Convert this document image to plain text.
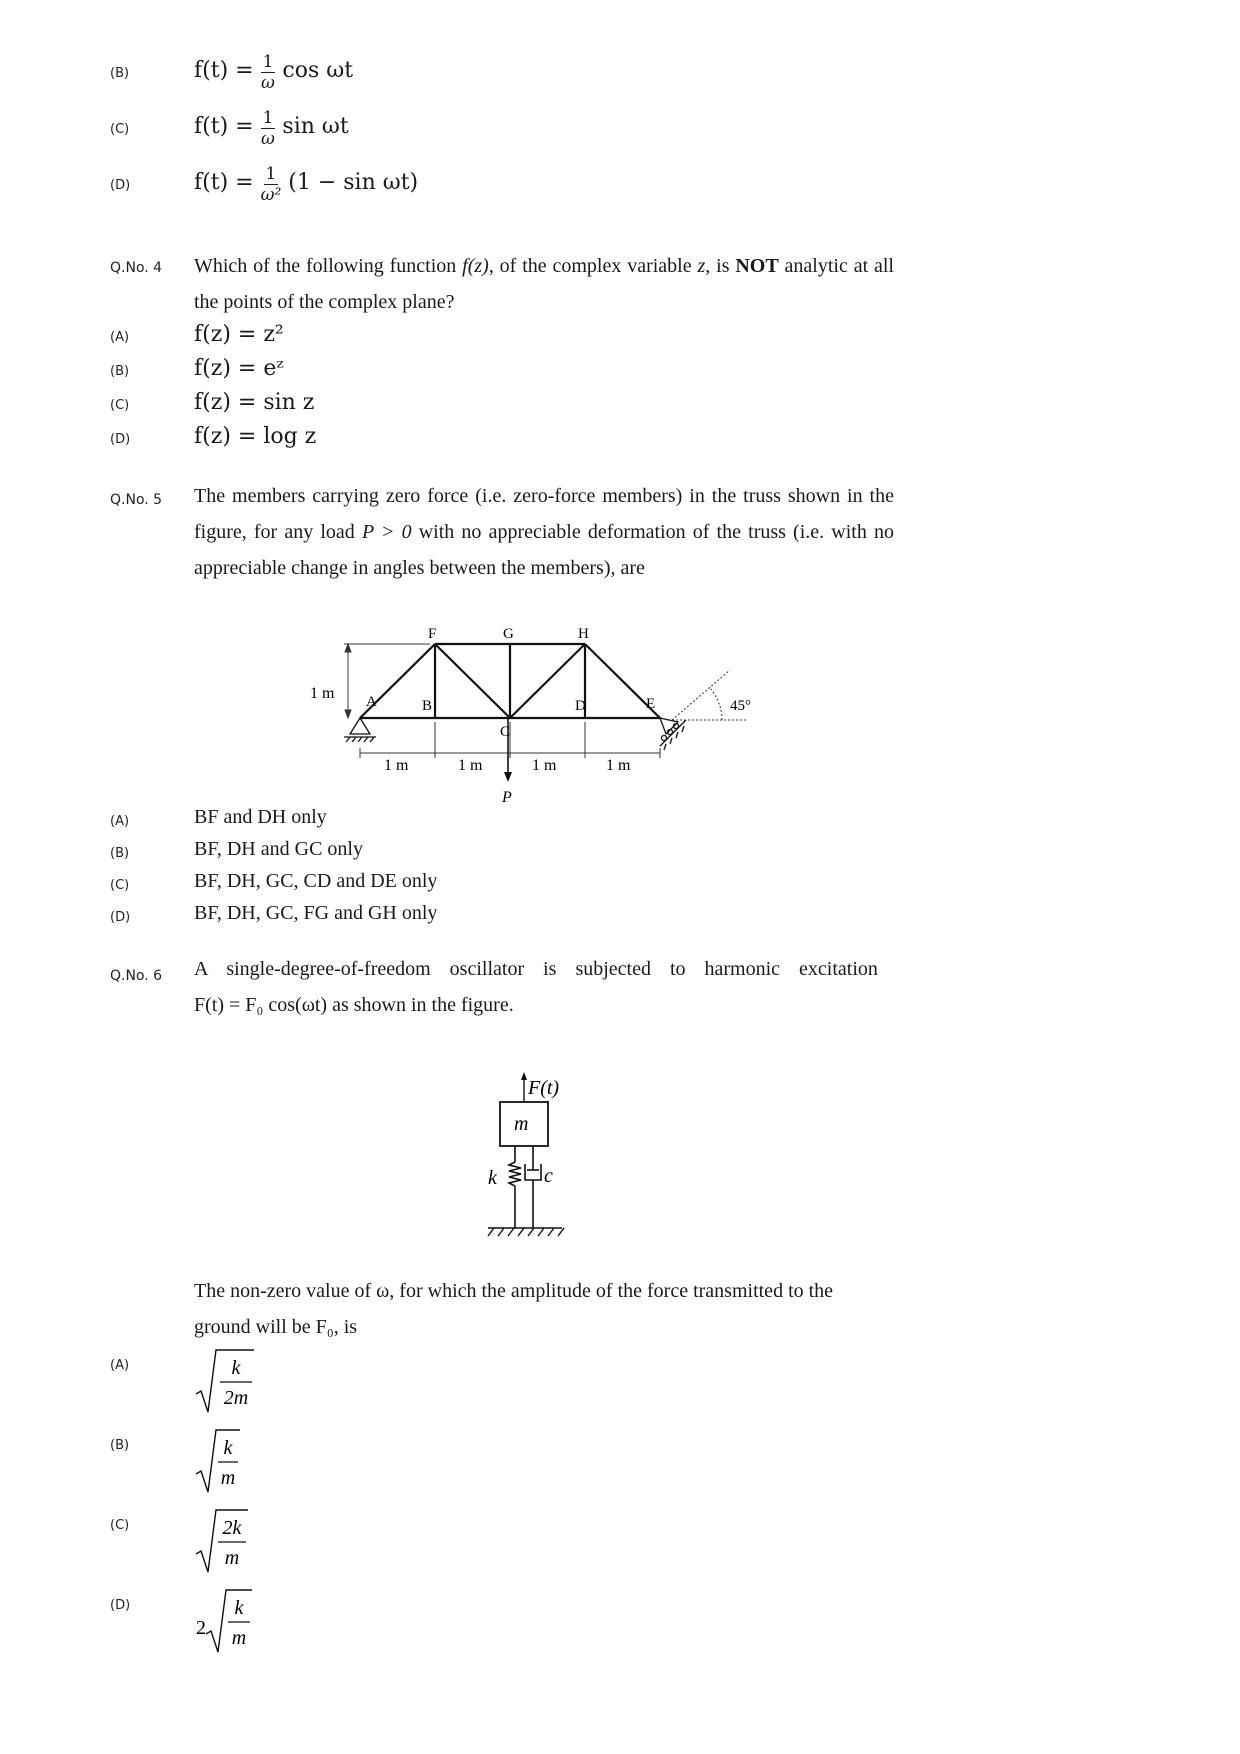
(B)	$f(t) = \frac{1}{\omega}$ cos ωt
(C)	$f(t) = \frac{1}{\omega}$ sin ωt
(D)	$f(t) = \frac{1}{\text{ω²}} (1 - \sin \omega t)$
Q.No. 4 Which of the following function f(z), of the complex variable z, is NOT analytic at all the points of the complex plane?
(A)	f(z) = z²
(B)	f(z) = eᶻ
(C)	f(z) = sin z
(D)	f(z) = log z
Q.No. 5 The members carrying zero force (i.e. zero-force members) in the truss shown in the figure, for any load P > 0 with no appreciable deformation of the truss (i.e. with no appreciable change in angles between the members), are
1 m A	B
C
D	E
F	G	H
45°
1 m	1 m	1 m	1 m
P
(A)	BF and DH only
(B)	BF, DH and GC only
(C)	BF, DH, GC, CD and DE only
(D)	BF, DH, GC, FG and GH only
Q.No. 6 A single-degree-of-freedom oscillator is subjected to harmonic excitation
F(t) = F₀ cos(ωt) as shown in the figure.
F(t)
m
k c
The non-zero value of ω, for which the amplitude of the force transmitted to the
ground will be F₀, is
(A)	k
2m
(B)	k
m
(C)	2k
m
(D)
2
k
m
